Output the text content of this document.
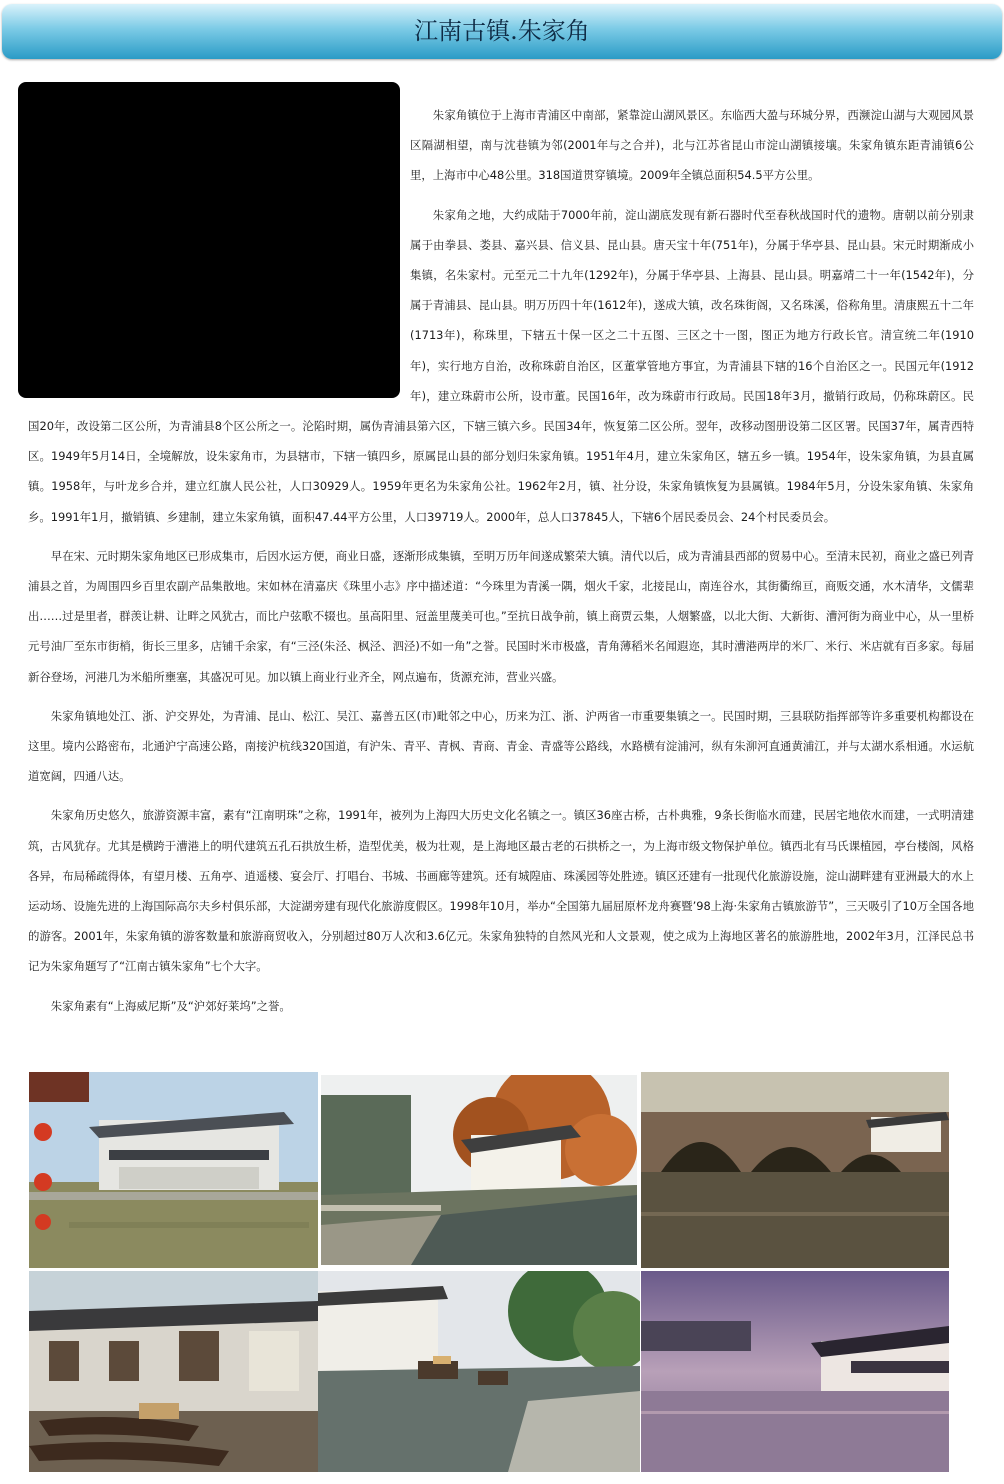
江南古镇.朱家角

朱家角镇位于上海市青浦区中南部，紧靠淀山湖风景区。东临西大盈与环城分界，西濒淀山湖与大观园风景区隔湖相望，南与沈巷镇为邻(2001年与之合并)，北与江苏省昆山市淀山湖镇接壤。朱家角镇东距青浦镇6公里，上海市中心48公里。318国道贯穿镇境。2009年全镇总面积54.5平方公里。

朱家角之地，大约成陆于7000年前，淀山湖底发现有新石器时代至春秋战国时代的遗物。唐朝以前分别隶属于由拳县、娄县、嘉兴县、信义县、昆山县。唐天宝十年(751年)，分属于华亭县、昆山县。宋元时期渐成小集镇，名朱家村。元至元二十九年(1292年)，分属于华亭县、上海县、昆山县。明嘉靖二十一年(1542年)，分属于青浦县、昆山县。明万历四十年(1612年)，遂成大镇，改名珠街阁，又名珠溪，俗称角里。清康熙五十二年(1713年)，称珠里，下辖五十保一区之二十五图、三区之十一图，图正为地方行政长官。清宣统二年(1910年)，实行地方自治，改称珠蔚自治区，区董掌管地方事宜，为青浦县下辖的16个自治区之一。民国元年(1912年)，建立珠蔚市公所，设市董。民国16年，改为珠蔚市行政局。民国18年3月，撤销行政局，仍称珠蔚区。民国20年，改设第二区公所，为青浦县8个区公所之一。沦陷时期，属伪青浦县第六区，下辖三镇六乡。民国34年，恢复第二区公所。翌年，改移动图册设第二区区署。民国37年，属青西特区。1949年5月14日，全境解放，设朱家角市，为县辖市，下辖一镇四乡，原属昆山县的部分划归朱家角镇。1951年4月，建立朱家角区，辖五乡一镇。1954年，设朱家角镇，为县直属镇。1958年，与叶龙乡合并，建立红旗人民公社，人口30929人。1959年更名为朱家角公社。1962年2月，镇、社分设，朱家角镇恢复为县属镇。1984年5月，分设朱家角镇、朱家角乡。1991年1月，撤销镇、乡建制，建立朱家角镇，面积47.44平方公里，人口39719人。2000年，总人口37845人，下辖6个居民委员会、24个村民委员会。

早在宋、元时期朱家角地区已形成集市，后因水运方便，商业日盛，逐渐形成集镇，至明万历年间遂成繁荣大镇。清代以后，成为青浦县西部的贸易中心。至清末民初，商业之盛已列青浦县之首，为周围四乡百里农副产品集散地。宋如林在清嘉庆《珠里小志》序中描述道：“今珠里为青溪一隅，烟火千家，北接昆山，南连谷水，其街衢绵亘，商贩交通，水木清华，文儒辈出……过是里者，群羡让耕、让畔之风犹古，而比户弦歌不辍也。虽高阳里、冠盖里蔑美可也。”至抗日战争前，镇上商贾云集，人烟繁盛，以北大街、大新街、漕河街为商业中心，从一里桥元号油厂至东市街梢，街长三里多，店铺千余家，有“三泾(朱泾、枫泾、泗泾)不如一角”之誉。民国时米市极盛，青角薄稻米名闻遐迩，其时漕港两岸的米厂、米行、米店就有百多家。每届新谷登场，河港几为米船所壅塞，其盛况可见。加以镇上商业行业齐全，网点遍布，货源充沛，营业兴盛。

朱家角镇地处江、浙、沪交界处，为青浦、昆山、松江、吴江、嘉善五区(市)毗邻之中心，历来为江、浙、沪两省一市重要集镇之一。民国时期，三县联防指挥部等许多重要机构都设在这里。境内公路密布，北通沪宁高速公路，南接沪杭线320国道，有沪朱、青平、青枫、青商、青金、青盛等公路线，水路横有淀浦河，纵有朱泖河直通黄浦江，并与太湖水系相通。水运航道宽阔，四通八达。

朱家角历史悠久，旅游资源丰富，素有“江南明珠”之称，1991年，被列为上海四大历史文化名镇之一。镇区36座古桥，古朴典雅，9条长街临水而建，民居宅地依水而建，一式明清建筑，古风犹存。尤其是横跨于漕港上的明代建筑五孔石拱放生桥，造型优美，极为壮观，是上海地区最古老的石拱桥之一，为上海市级文物保护单位。镇西北有马氏课植园，亭台楼阁，风格各异，布局稀疏得体，有望月楼、五角亭、逍遥楼、宴会厅、打唱台、书城、书画廊等建筑。还有城隍庙、珠溪园等处胜迹。镇区还建有一批现代化旅游设施，淀山湖畔建有亚洲最大的水上运动场、设施先进的上海国际高尔夫乡村俱乐部，大淀湖旁建有现代化旅游度假区。1998年10月，举办“全国第九届屈原杯龙舟赛暨’98上海·朱家角古镇旅游节”，三天吸引了10万全国各地的游客。2001年，朱家角镇的游客数量和旅游商贸收入，分别超过80万人次和3.6亿元。朱家角独特的自然风光和人文景观，使之成为上海地区著名的旅游胜地，2002年3月，江泽民总书记为朱家角题写了“江南古镇朱家角”七个大字。

朱家角素有“上海威尼斯”及“沪郊好莱坞”之誉。
